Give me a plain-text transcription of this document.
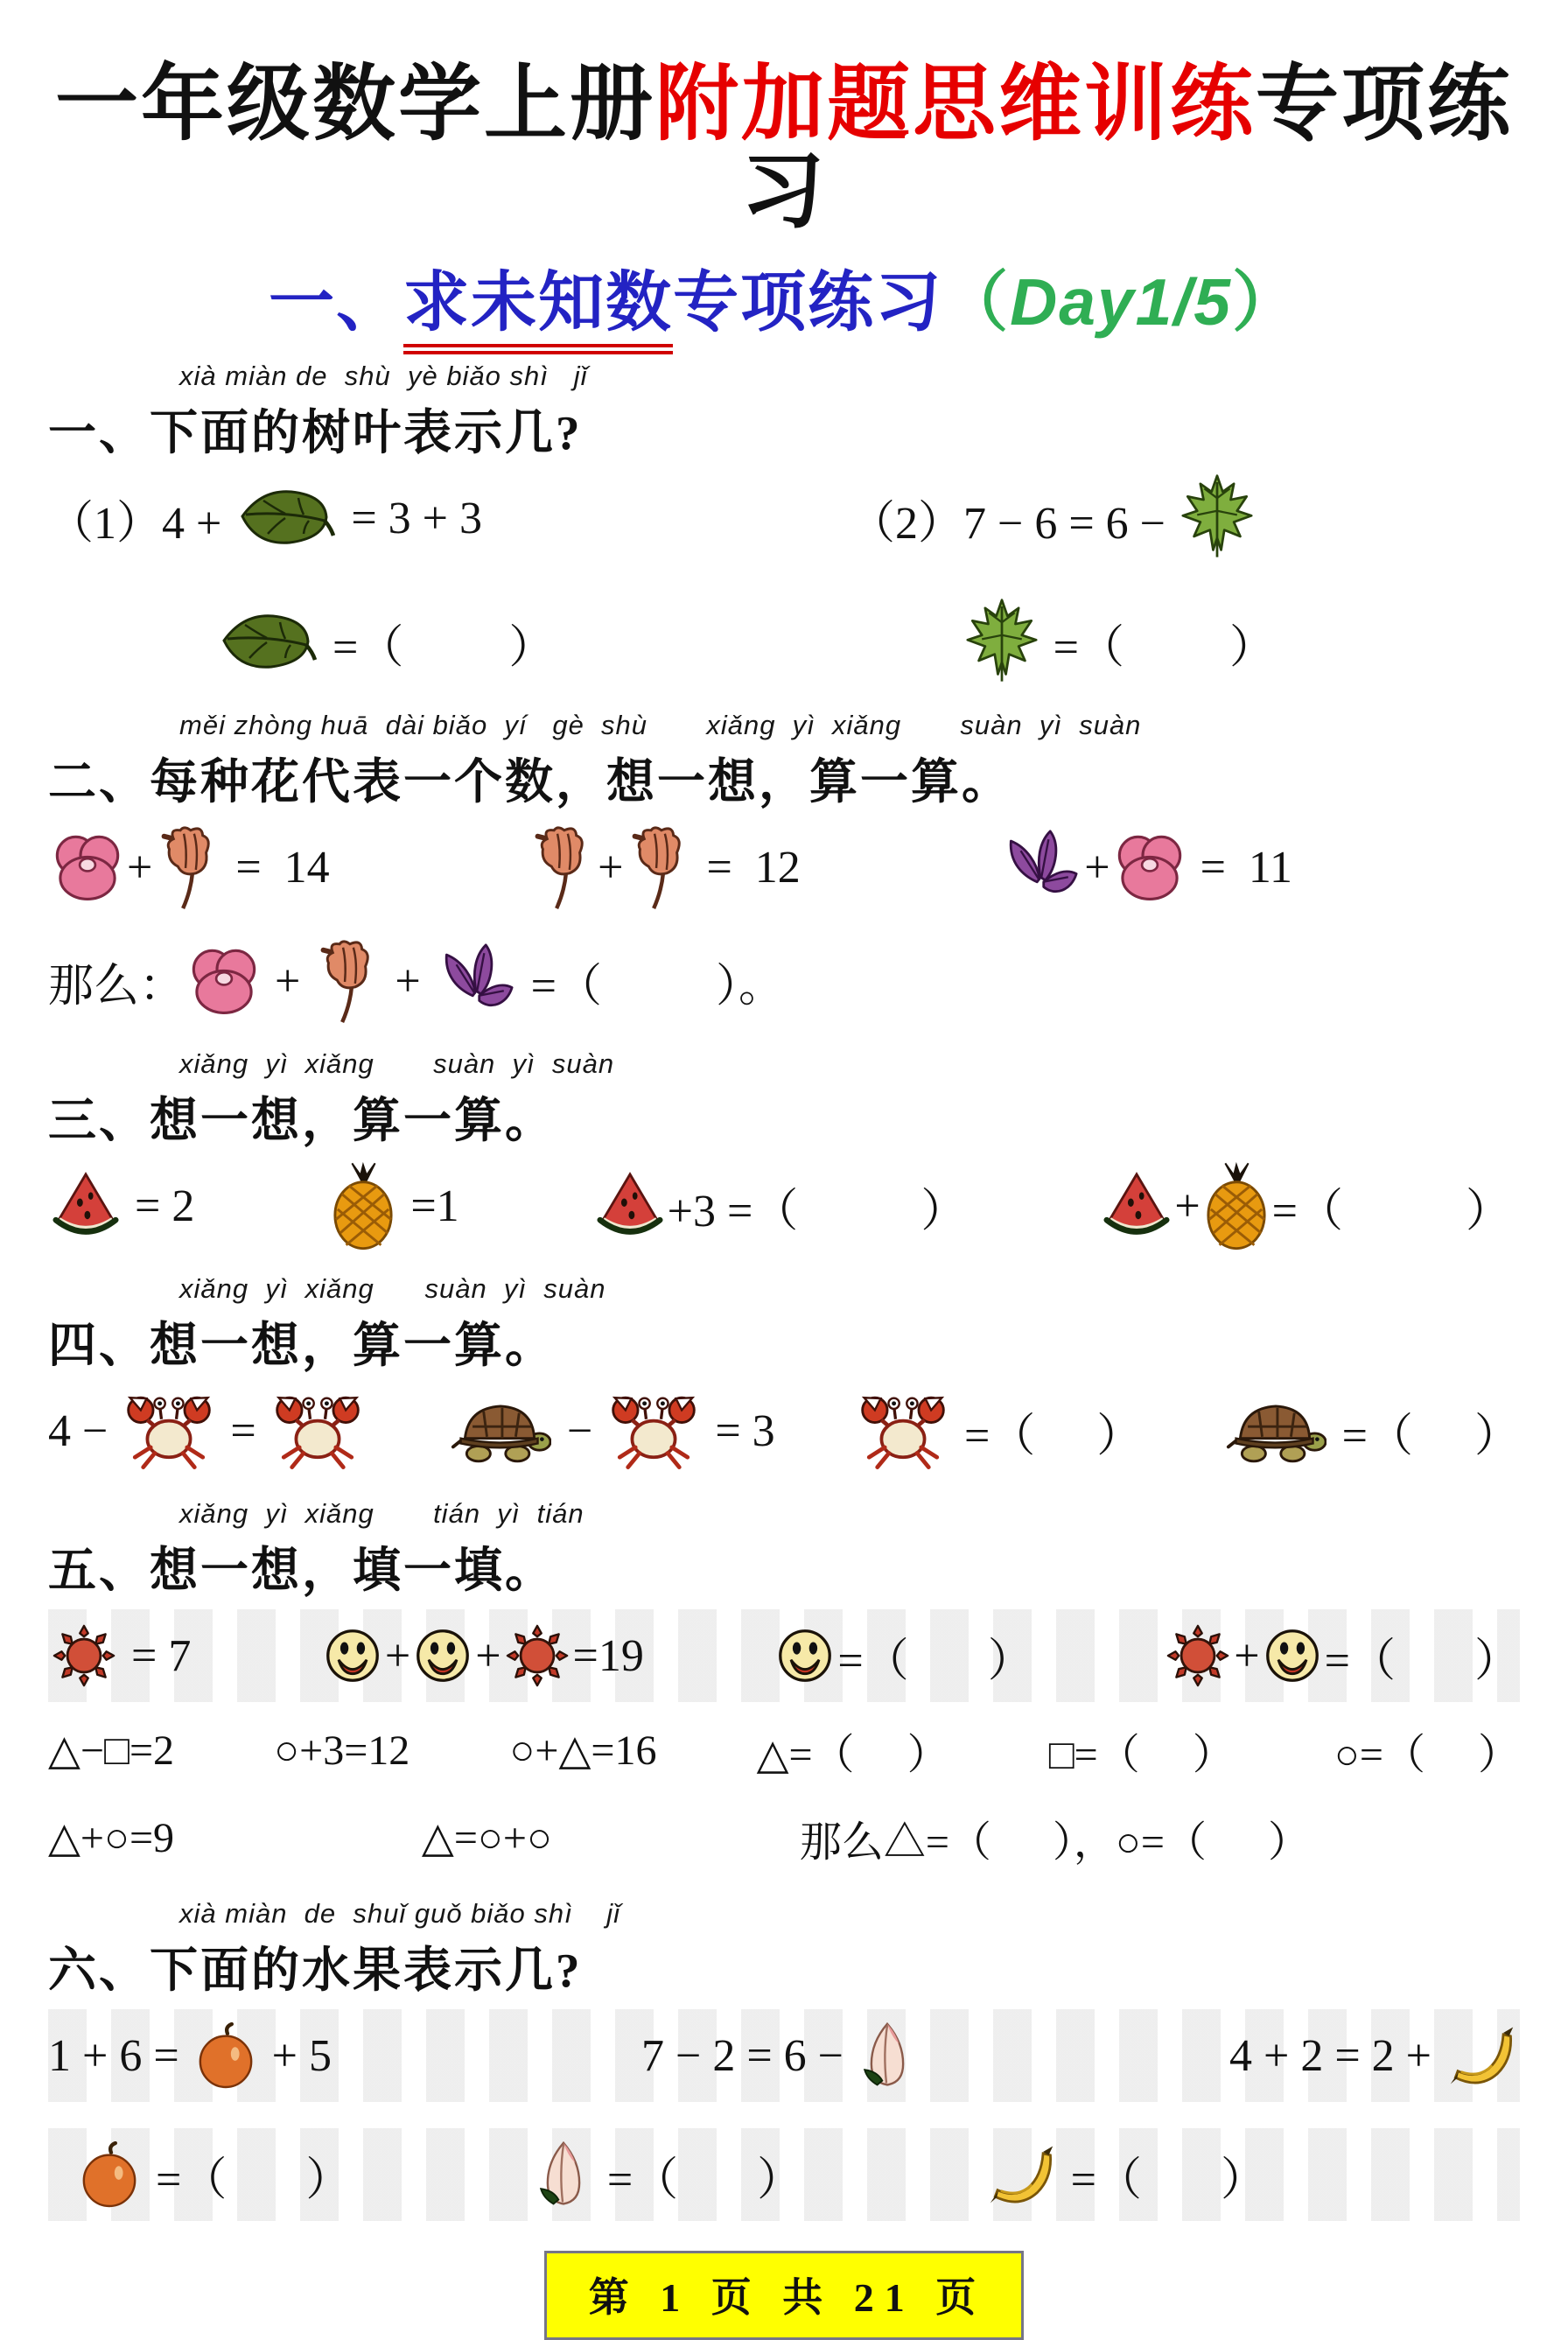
一年级数学上册附加题思维训练专项练习
一、求未知数专项练习（Day1/5）
xià miàn de  shù  yè biǎo shì   jǐ
一、下面的树叶表示几?
（1）4 + = 3 + 3	（2）7 − 6 = 6 −
=（ ）	=（ ）
měi zhòng huā  dài biǎo  yí   gè  shù       xiǎng  yì  xiǎng       suàn  yì  suàn
二、每种花代表一个数，想一想，算一算。
+ =  14	+ =  12	+ =  11
那么： + + =（	）。
xiǎng  yì  xiǎng       suàn  yì  suàn
三、想一想，算一算。
= 2	=1	+3 =（	）	+ =（	）
xiǎng  yì  xiǎng      suàn  yì  suàn
四、想一想，算一算。
4 − =	− = 3	=（ ）	=（ ）
xiǎng  yì  xiǎng       tián  yì  tián
五、想一想，填一填。
= 7	+ + =19	=（ ）	+ =（ ）
△−□=2 ○+3=12 ○+△=16 △=（ ） □=（ ） ○=（ ）
△+○=9	△=○+○	那么△=（ ），○=（ ）
xià miàn  de  shuǐ guǒ biǎo shì    jǐ
六、下面的水果表示几?
1 + 6 = + 5	7 − 2 = 6 −	4 + 2 = 2 +
=（ ）	=（ ）	=（ ）
第 1 页 共 21 页
